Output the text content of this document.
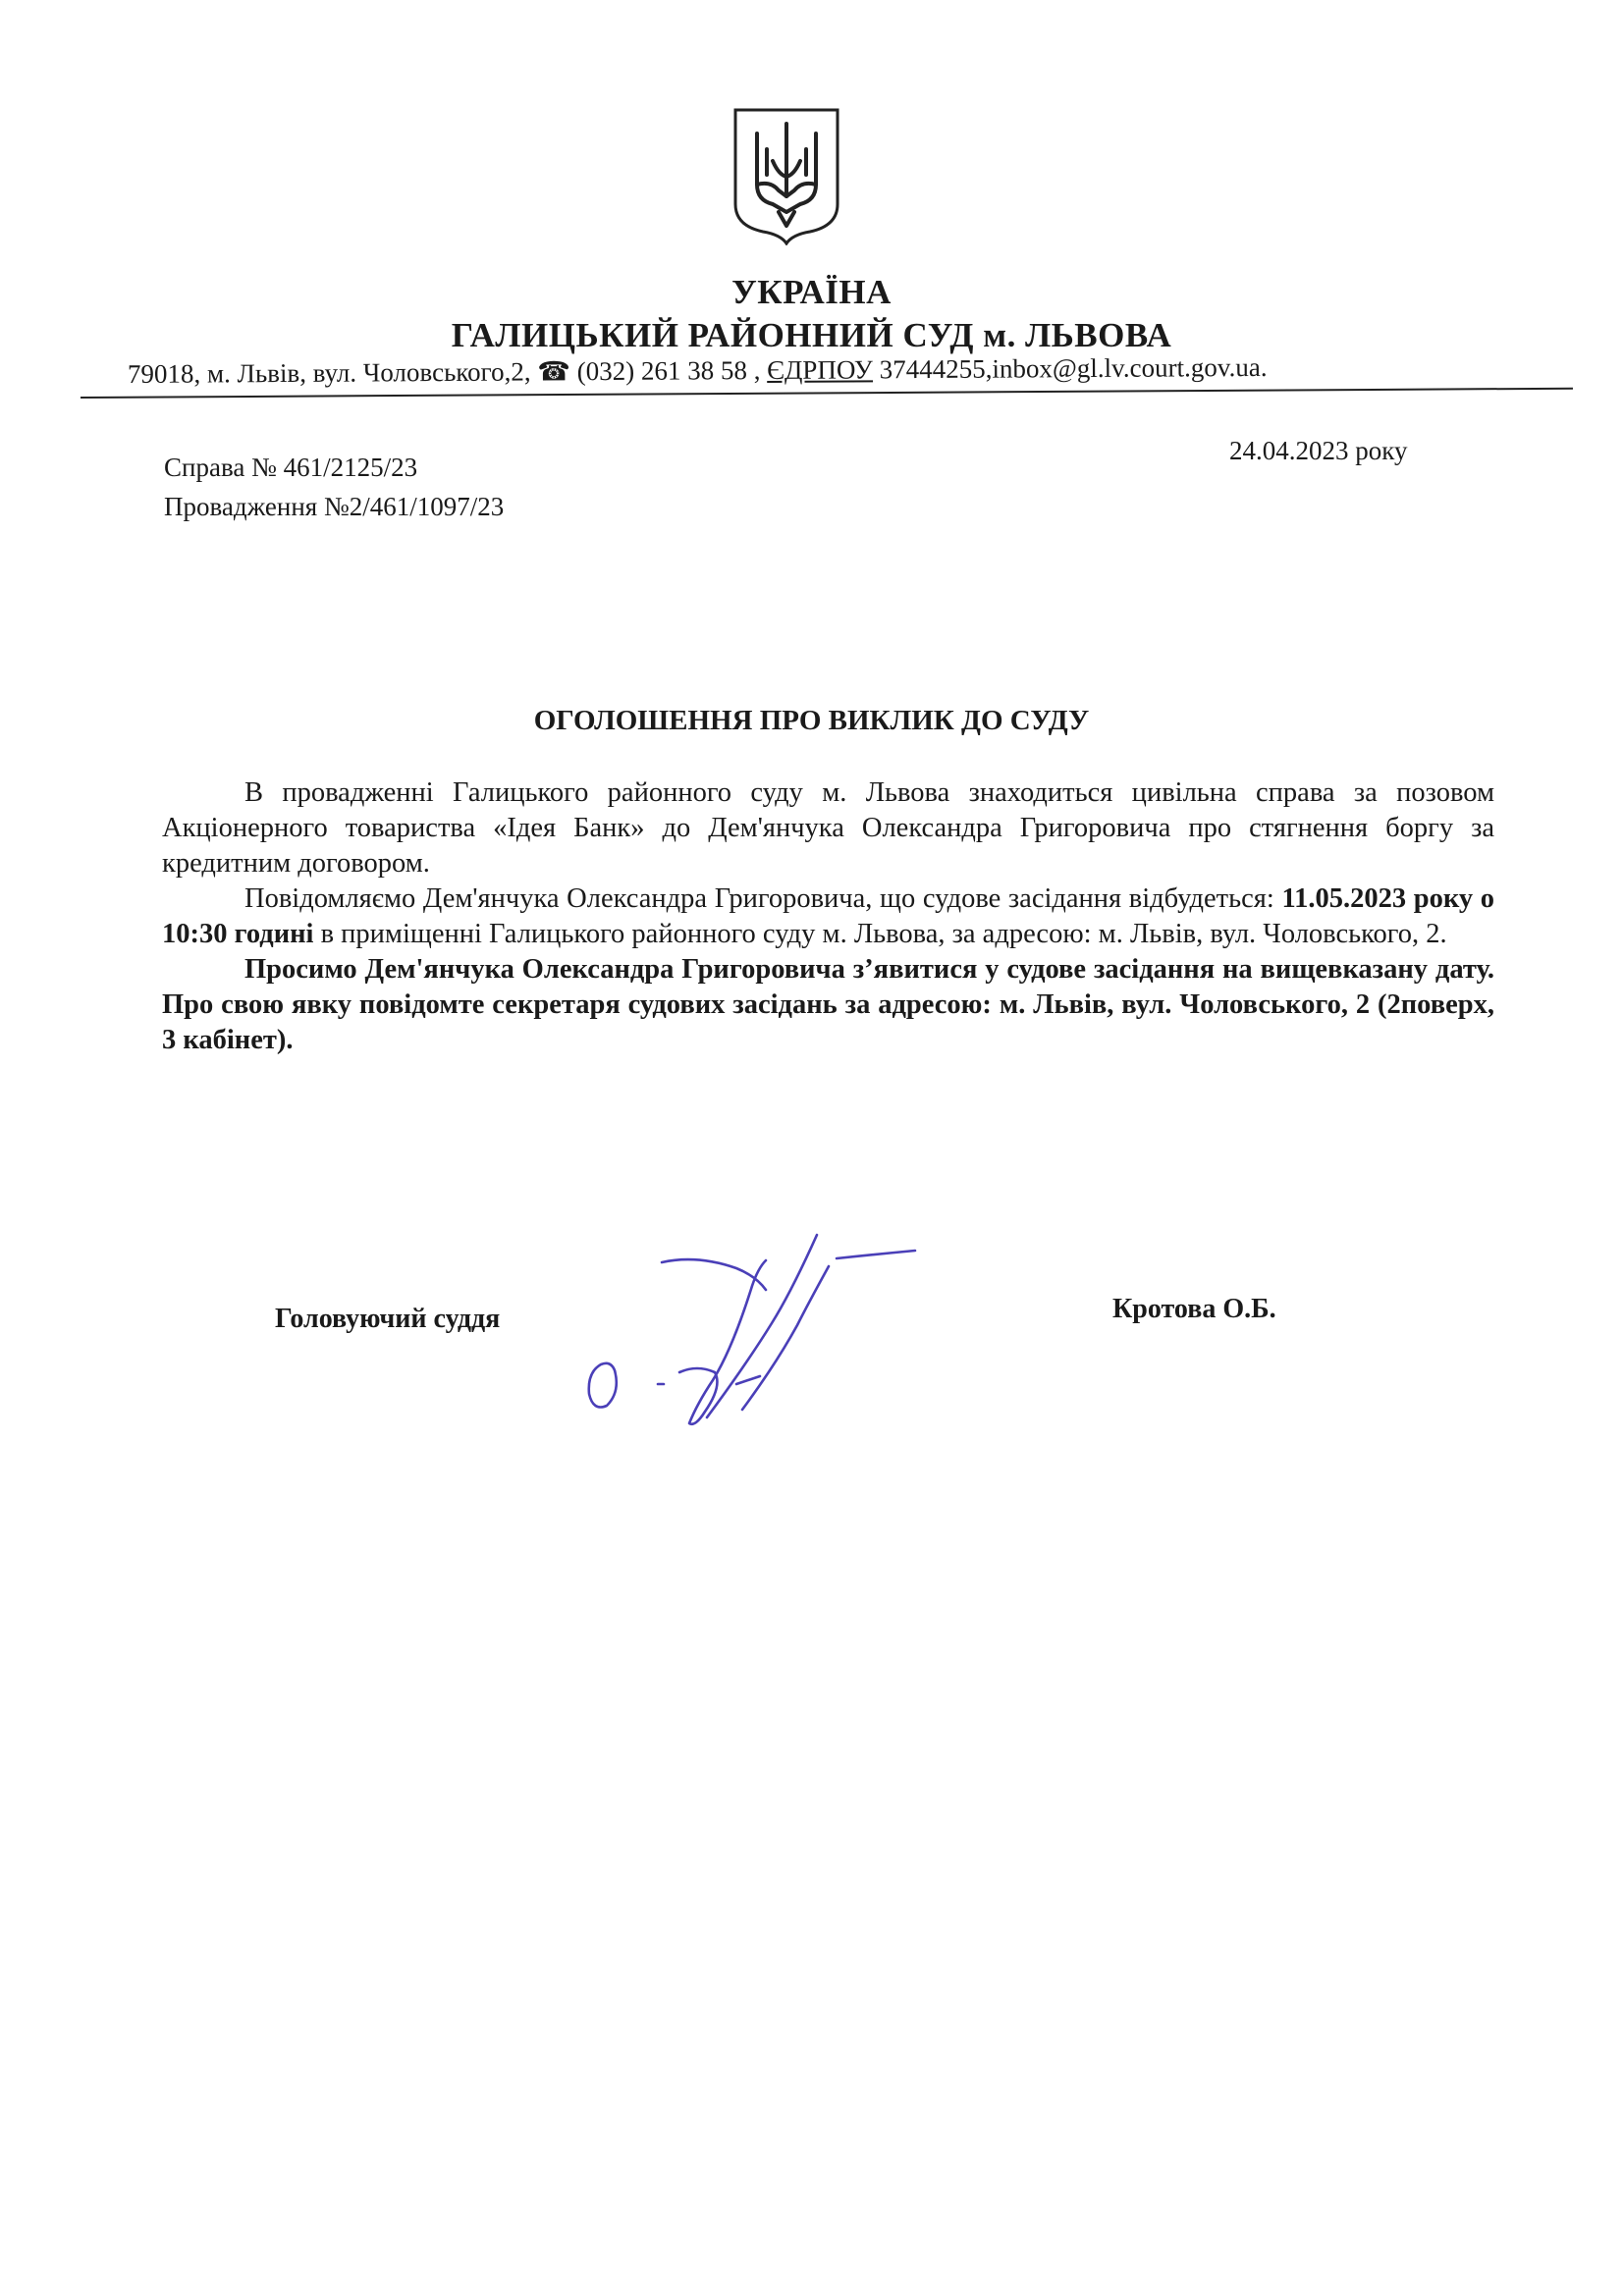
УКРАЇНА
ГАЛИЦЬКИЙ РАЙОННИЙ СУД м. ЛЬВОВА
79018, м. Львів, вул. Чоловського,2, ☎ (032) 261 38 58 , ЄДРПОУ 37444255,inbox@gl.lv.court.gov.ua.
Справа № 461/2125/23
Провадження №2/461/1097/23
24.04.2023 року
ОГОЛОШЕННЯ ПРО ВИКЛИК ДО СУДУ

В провадженні Галицького районного суду м. Львова знаходиться цивільна справа за позовом Акціонерного товариства «Ідея Банк» до Дем'янчука Олександра Григоровича про стягнення боргу за кредитним договором.

Повідомляємо Дем'янчука Олександра Григоровича, що судове засідання відбудеться: 11.05.2023 року о 10:30 годині в приміщенні Галицького районного суду м. Львова, за адресою: м. Львів, вул. Чоловського, 2.

Просимо Дем'янчука Олександра Григоровича з’явитися у судове засідання на вищевказану дату. Про свою явку повідомте секретаря судових засідань за адресою: м. Львів, вул. Чоловського, 2 (2поверх, 3 кабінет).

Головуючий суддя	Кротова О.Б.
